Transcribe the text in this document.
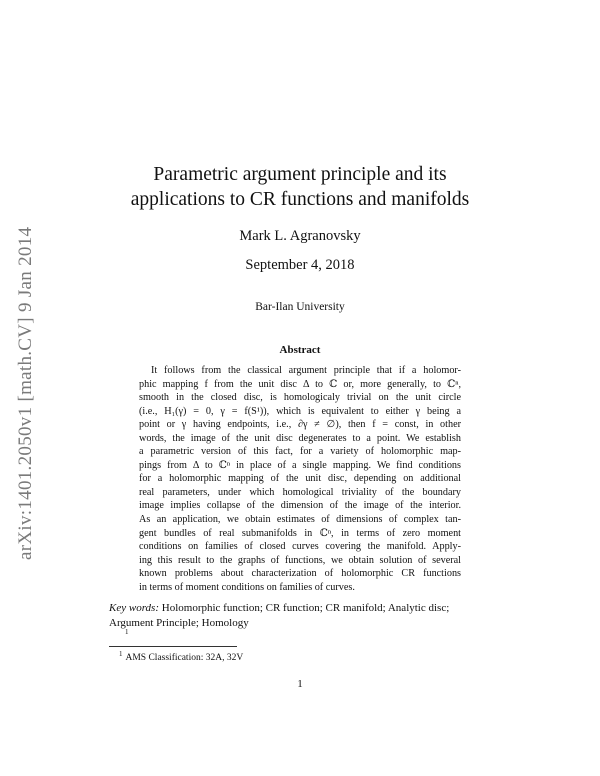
arXiv:1401.2050v1 [math.CV] 9 Jan 2014
Parametric argument principle and its
applications to CR functions and manifolds
Mark L. Agranovsky
September 4, 2018
Bar-Ilan University
Abstract

It follows from the classical argument principle that if a holomor-
phic mapping f from the unit disc Δ to ℂ or, more generally, to ℂⁿ,
smooth in the closed disc, is homologicaly trivial on the unit circle
(i.e., H₁(γ) = 0, γ = f(S¹)), which is equivalent to either γ being a
point or γ having endpoints, i.e., ∂γ ≠ ∅), then f = const, in other
words, the image of the unit disc degenerates to a point. We establish
a parametric version of this fact, for a variety of holomorphic map-
pings from Δ to ℂⁿ in place of a single mapping. We find conditions
for a holomorphic mapping of the unit disc, depending on additional
real parameters, under which homological triviality of the boundary
image implies collapse of the dimension of the image of the interior.
As an application, we obtain estimates of dimensions of complex tan-
gent bundles of real submanifolds in ℂⁿ, in terms of zero moment
conditions on families of closed curves covering the manifold. Apply-
ing this result to the graphs of functions, we obtain solution of several
known problems about characterization of holomorphic CR functions
in terms of moment conditions on families of curves.

Key words: Holomorphic function; CR function; CR manifold; Analytic disc; Argument Principle; Homology
1
$^1$ AMS Classification: 32A, 32V
1
